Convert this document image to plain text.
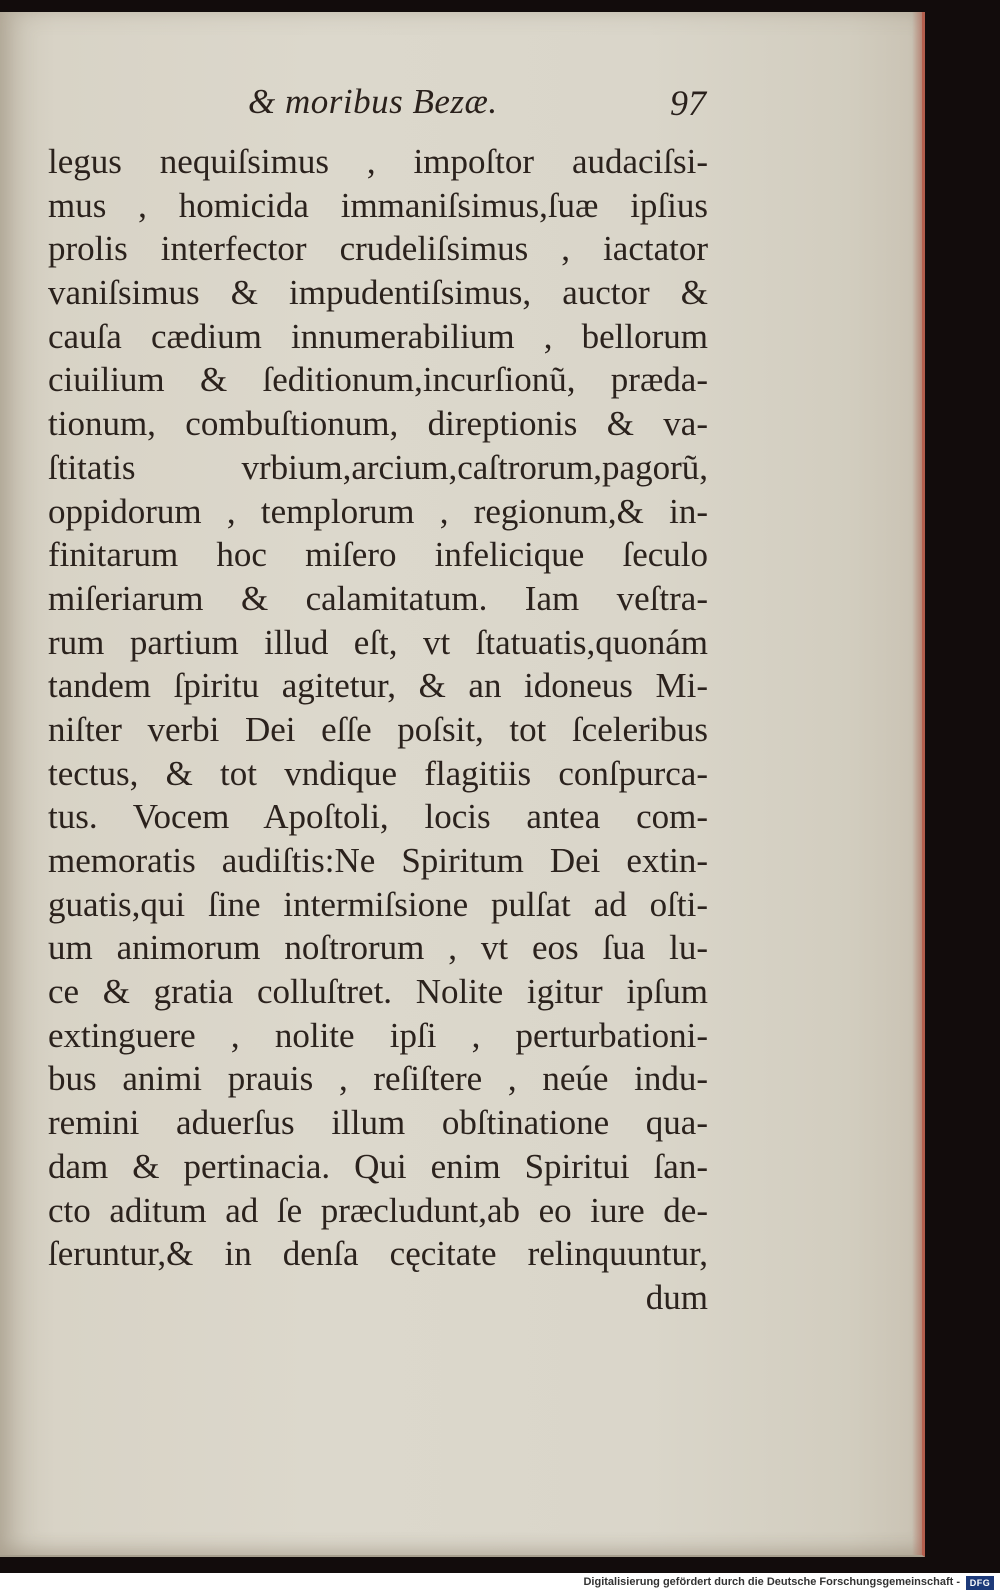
& moribus Bezæ.	97
legus nequiſsimus , impoſtor audaciſsi-
mus , homicida immaniſsimus,ſuæ ipſius
prolis interfector crudeliſsimus , iactator
vaniſsimus & impudentiſsimus, auctor &
cauſa cædium innumerabilium , bellorum
ciuilium & ſeditionum,incurſionũ, præda-
tionum, combuſtionum, direptionis & va-
ſtitatis vrbium,arcium,caſtrorum,pagorũ,
oppidorum , templorum , regionum,& in-
finitarum hoc miſero infelicique ſeculo
miſeriarum & calamitatum. Iam veſtra-
rum partium illud eſt, vt ſtatuatis,quonám
tandem ſpiritu agitetur, & an idoneus Mi-
niſter verbi Dei eſſe poſsit, tot ſceleribus
tectus, & tot vndique flagitiis conſpurca-
tus. Vocem Apoſtoli, locis antea com-
memoratis audiſtis:Ne Spiritum Dei extin-
guatis,qui ſine intermiſsione pulſat ad oſti-
um animorum noſtrorum , vt eos ſua lu-
ce & gratia colluſtret. Nolite igitur ipſum
extinguere , nolite ipſi , perturbationi-
bus animi prauis , reſiſtere , neúe indu-
remini aduerſus illum obſtinatione qua-
dam & pertinacia. Qui enim Spiritui ſan-
cto aditum ad ſe præcludunt,ab eo iure de-
ſeruntur,& in denſa cęcitate relinquuntur,
dum
Digitalisierung gefördert durch die Deutsche Forschungsgemeinschaft -	DFG
